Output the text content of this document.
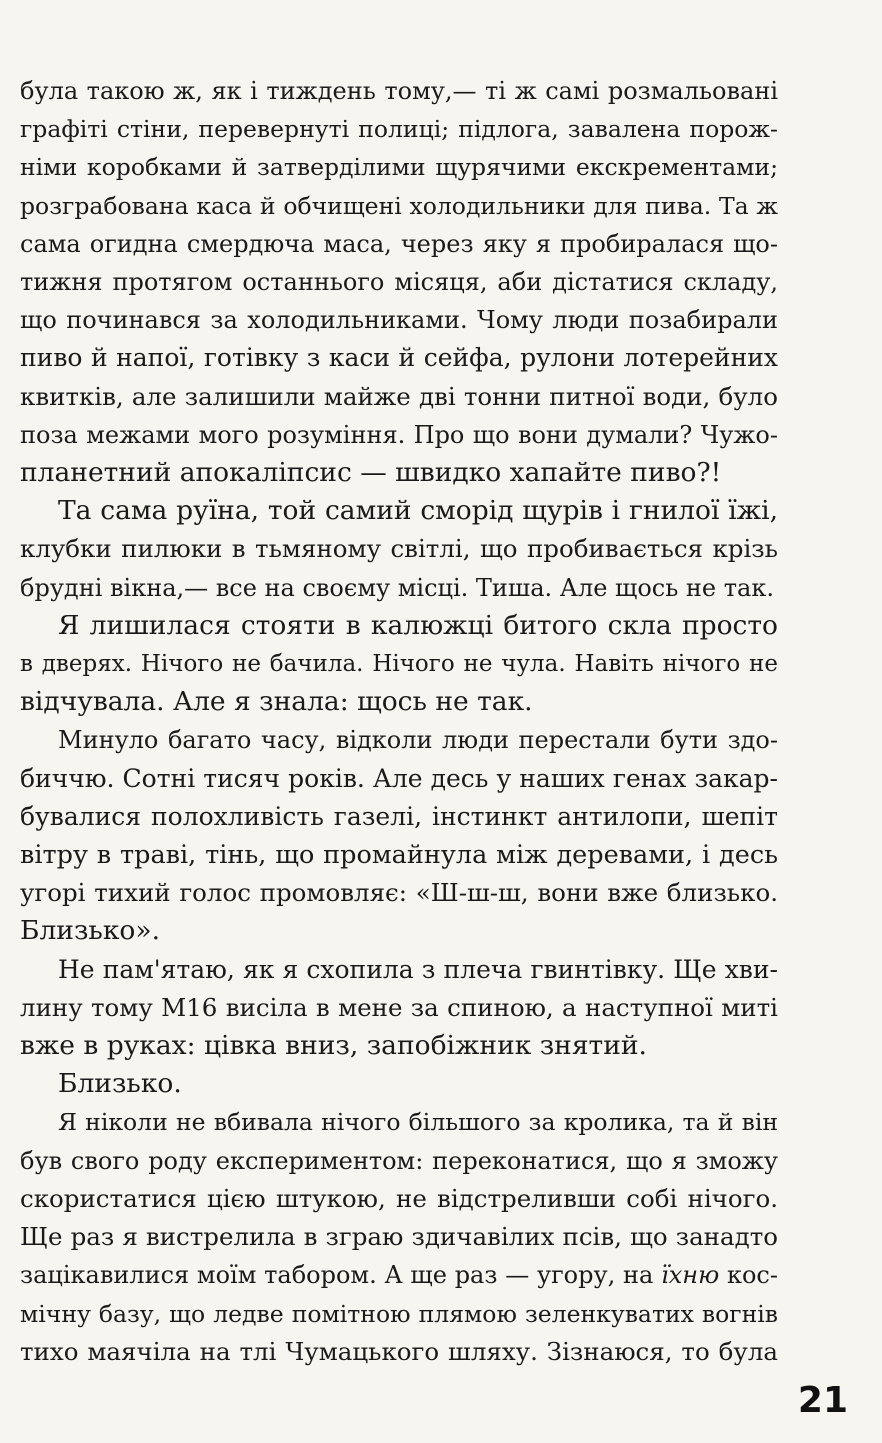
була такою ж, як і тиждень тому,— ті ж самі розмальовані
графіті стіни, перевернуті полиці; підлога, завалена порож-
німи коробками й затверділими щурячими екскрементами;
розграбована каса й обчищені холодильники для пива. Та ж
сама огидна смердюча маса, через яку я пробиралася що-
тижня протягом останнього місяця, аби дістатися складу,
що починався за холодильниками. Чому люди позабирали
пиво й напої, готівку з каси й сейфа, рулони лотерейних
квитків, але залишили майже дві тонни питної води, було
поза межами мого розуміння. Про що вони думали? Чужо-
планетний апокаліпсис — швидко хапайте пиво?!

Та сама руїна, той самий сморід щурів і гнилої їжі,
клубки пилюки в тьмяному світлі, що пробивається крізь
брудні вікна,— все на своєму місці. Тиша. Але щось не так.

Я лишилася стояти в калюжці битого скла просто
в дверях. Нічого не бачила. Нічого не чула. Навіть нічого не
відчувала. Але я знала: щось не так.

Минуло багато часу, відколи люди перестали бути здо-
биччю. Сотні тисяч років. Але десь у наших генах закар-
бувалися полохливість газелі, інстинкт антилопи, шепіт
вітру в траві, тінь, що промайнула між деревами, і десь
угорі тихий голос промовляє: «Ш-ш-ш, вони вже близько.
Близько».

Не пам'ятаю, як я схопила з плеча гвинтівку. Ще хви-
лину тому M16 висіла в мене за спиною, а наступної миті
вже в руках: цівка вниз, запобіжник знятий.

Близько.

Я ніколи не вбивала нічого більшого за кролика, та й він
був свого роду експериментом: переконатися, що я зможу
скористатися цією штукою, не відстреливши собі нічого.
Ще раз я вистрелила в зграю здичавілих псів, що занадто
зацікавилися моїм табором. А ще раз — угору, на їхню кос-
мічну базу, що ледве помітною плямою зеленкуватих вогнів
тихо маячіла на тлі Чумацького шляху. Зізнаюся, то була

21
